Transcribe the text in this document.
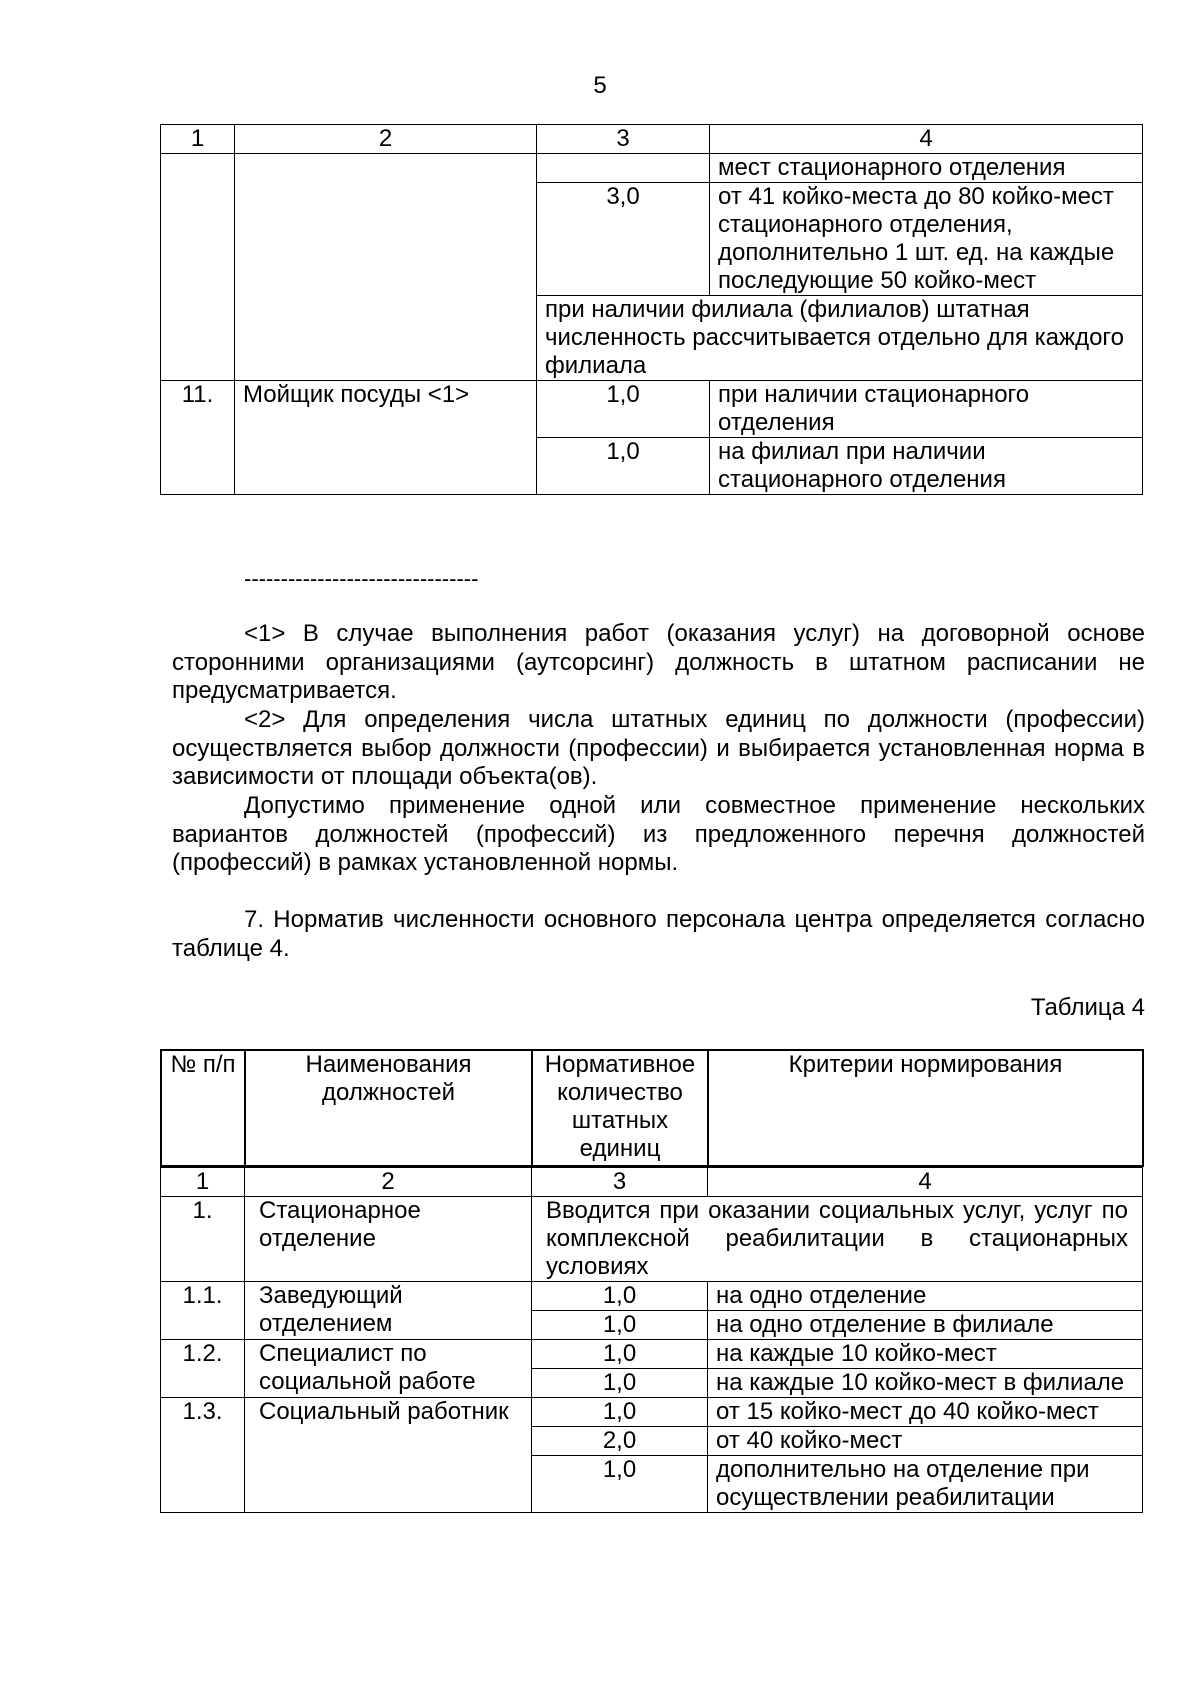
5
1	2	3	4
			мест стационарного отделения
		3,0	от 41 койко-места до 80 койко-мест стационарного отделения, дополнительно 1 шт. ед. на каждые последующие 50 койко-мест
		при наличии филиала (филиалов) штатная численность рассчитывается отдельно для каждого филиала	
11.	Мойщик посуды <1>	1,0	при наличии стационарного отделения
		1,0	на филиал при наличии стационарного отделения
--------------------------------

<1> В случае выполнения работ (оказания услуг) на договорной основе сторонними организациями (аутсорсинг) должность в штатном расписании не предусматривается.

<2> Для определения числа штатных единиц по должности (профессии) осуществляется выбор должности (профессии) и выбирается установленная норма в зависимости от площади объекта(ов).

Допустимо применение одной или совместное применение нескольких вариантов должностей (профессий) из предложенного перечня должностей (профессий) в рамках установленной нормы.

7. Норматив численности основного персонала центра определяется согласно таблице 4.

Таблица 4
№ п/п	Наименования должностей	Нормативное количество штатных единиц	Критерии нормирования
1	2	3	4
1.	Стационарное отделение	Вводится при оказании социальных услуг, услуг по комплексной реабилитации в стационарных условиях	
1.1.	Заведующий отделением	1,0	на одно отделение
		1,0	на одно отделение в филиале
1.2.	Специалист по социальной работе	1,0	на каждые 10 койко-мест
		1,0	на каждые 10 койко-мест в филиале
1.3.	Социальный работник	1,0	от 15 койко-мест до 40 койко-мест
		2,0	от 40 койко-мест
		1,0	дополнительно на отделение при осуществлении реабилитации
